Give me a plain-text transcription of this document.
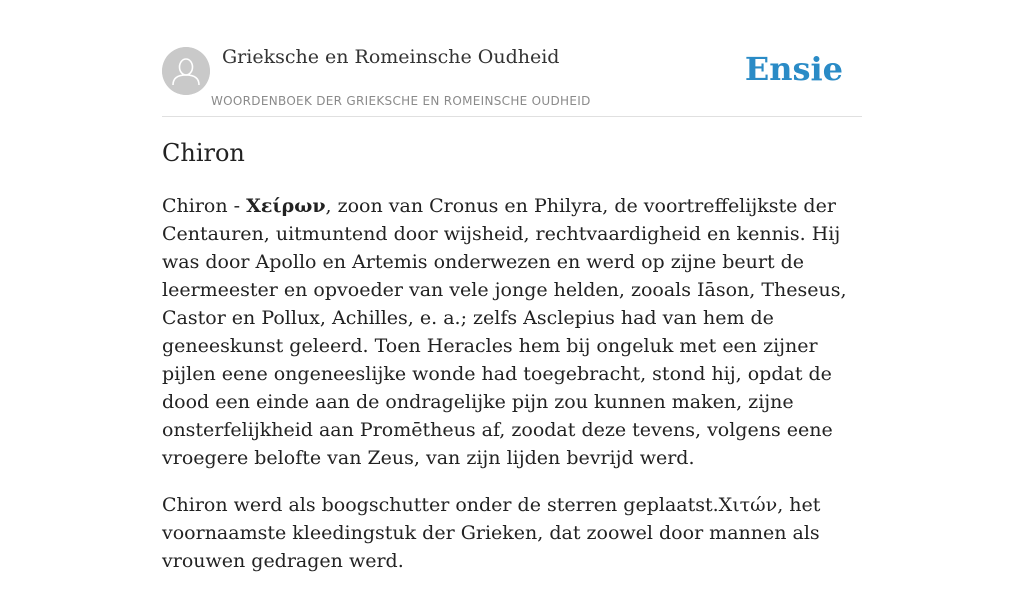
Grieksche en Romeinsche Oudheid
WOORDENBOEK DER GRIEKSCHE EN ROMEINSCHE OUDHEID
Ensie
Chiron

Chiron - Χείρων, zoon van Cronus en Philyra, de voortreffelijkste der Centauren, uitmuntend door wijsheid, rechtvaardigheid en kennis. Hij was door Apollo en Artemis onderwezen en werd op zijne beurt de leermeester en opvoeder van vele jonge helden, zooals Iāson, Theseus, Castor en Pollux, Achilles, e. a.; zelfs Asclepius had van hem de geneeskunst geleerd. Toen Heracles hem bij ongeluk met een zijner pijlen eene ongeneeslijke wonde had toegebracht, stond hij, opdat de dood een einde aan de ondragelijke pijn zou kunnen maken, zijne onsterfelijkheid aan Promētheus af, zoodat deze tevens, volgens eene vroegere belofte van Zeus, van zijn lijden bevrijd werd.

Chiron werd als boogschutter onder de sterren geplaatst.Χιτών, het voornaamste kleedingstuk der Grieken, dat zoowel door mannen als vrouwen gedragen werd.
